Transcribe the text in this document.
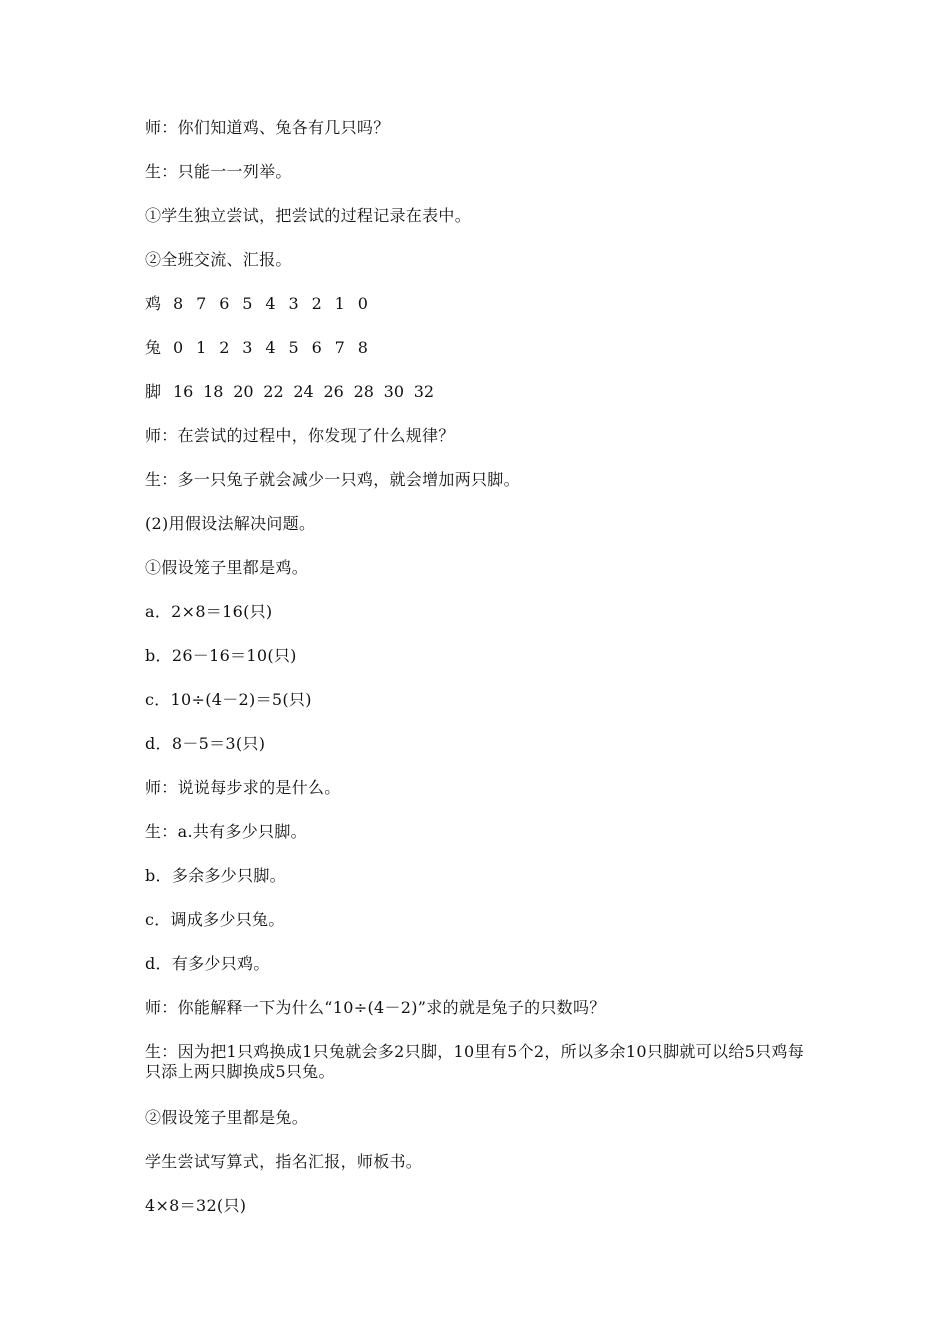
师：你们知道鸡、兔各有几只吗？
生：只能一一列举。
①学生独立尝试，把尝试的过程记录在表中。
②全班交流、汇报。
鸡 8 7 6 5 4 3 2 1 0
兔 0 1 2 3 4 5 6 7 8
脚 16 18 20 22 24 26 28 30 32
师：在尝试的过程中，你发现了什么规律？
生：多一只兔子就会减少一只鸡，就会增加两只脚。
(2)用假设法解决问题。
①假设笼子里都是鸡。
a．2×8＝16(只)
b．26－16＝10(只)
c．10÷(4－2)＝5(只)
d．8－5＝3(只)
师：说说每步求的是什么。
生：a.共有多少只脚。
b．多余多少只脚。
c．调成多少只兔。
d．有多少只鸡。
师：你能解释一下为什么“10÷(4－2)”求的就是兔子的只数吗？
生：因为把1只鸡换成1只兔就会多2只脚，10里有5个2，所以多余10只脚就可以给5只鸡每只添上两只脚换成5只兔。
②假设笼子里都是兔。
学生尝试写算式，指名汇报，师板书。
4×8＝32(只)
